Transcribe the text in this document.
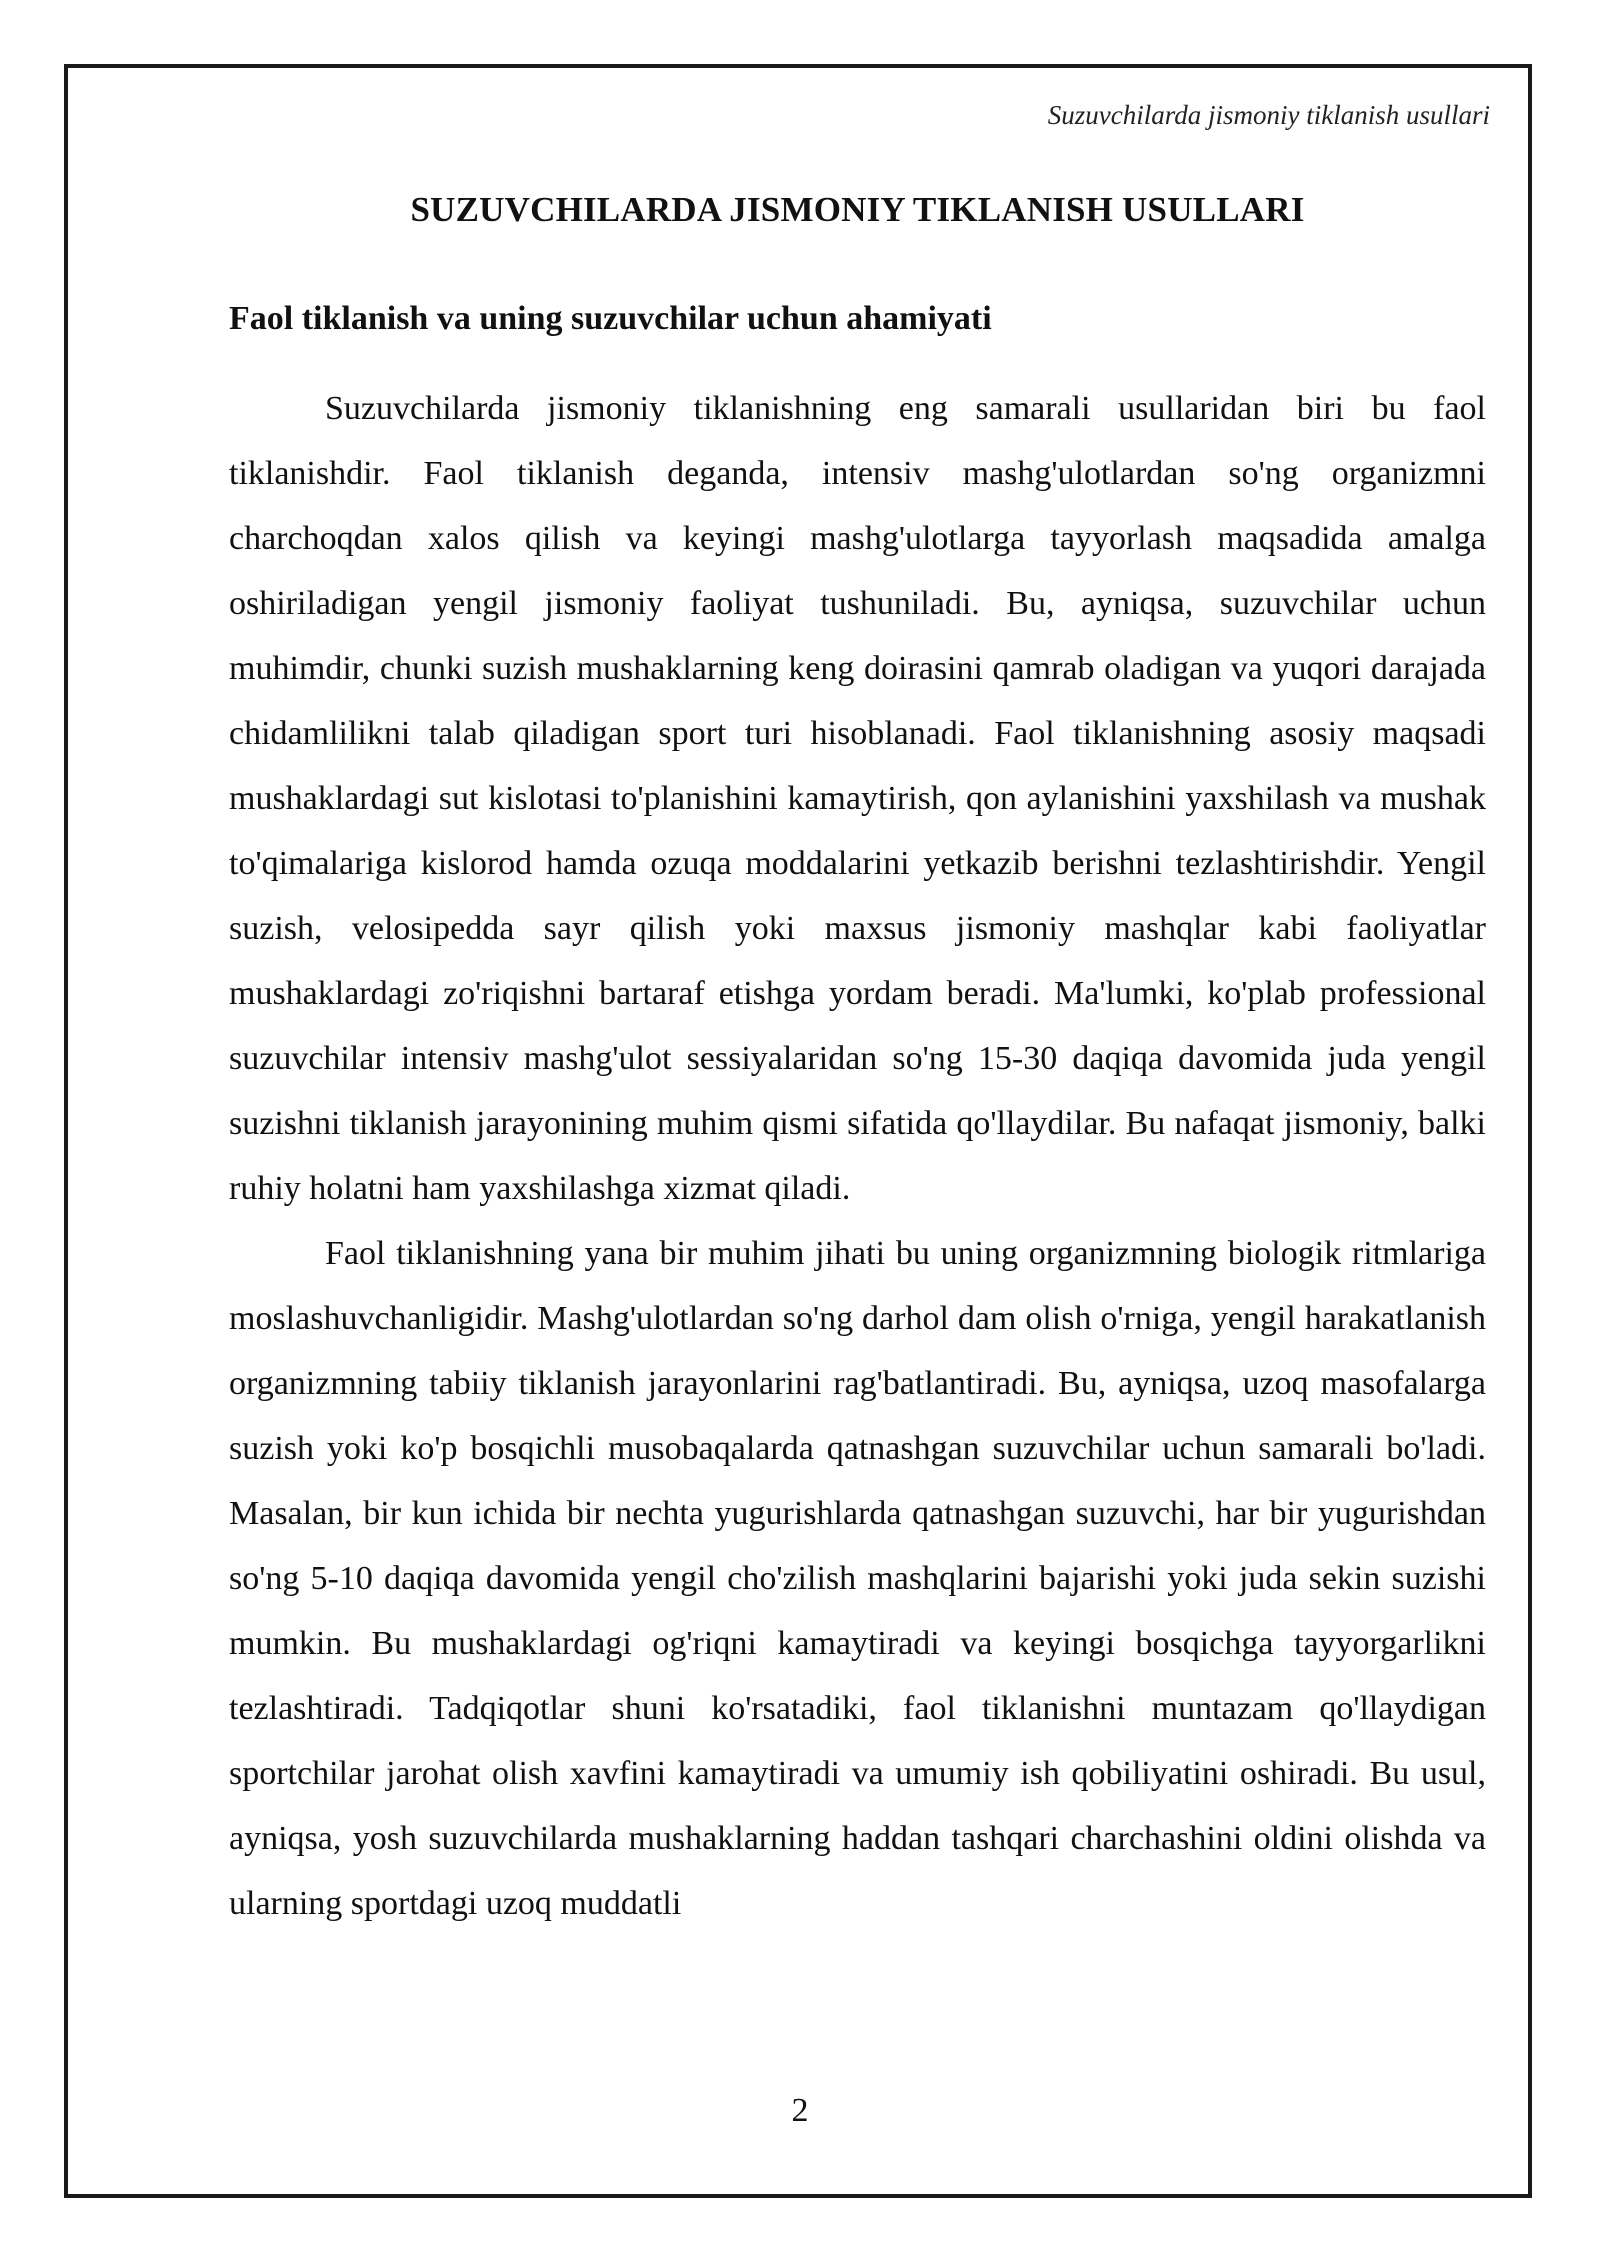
Suzuvchilarda jismoniy tiklanish usullari
SUZUVCHILARDA JISMONIY TIKLANISH USULLARI
Faol tiklanish va uning suzuvchilar uchun ahamiyati

Suzuvchilarda jismoniy tiklanishning eng samarali usullaridan biri bu faol tiklanishdir. Faol tiklanish deganda, intensiv mashg'ulotlardan so'ng organizmni charchoqdan xalos qilish va keyingi mashg'ulotlarga tayyorlash maqsadida amalga oshiriladigan yengil jismoniy faoliyat tushuniladi. Bu, ayniqsa, suzuvchilar uchun muhimdir, chunki suzish mushaklarning keng doirasini qamrab oladigan va yuqori darajada chidamlilikni talab qiladigan sport turi hisoblanadi. Faol tiklanishning asosiy maqsadi mushaklardagi sut kislotasi to'planishini kamaytirish, qon aylanishini yaxshilash va mushak to'qimalariga kislorod hamda ozuqa moddalarini yetkazib berishni tezlashtirishdir. Yengil suzish, velosipedda sayr qilish yoki maxsus jismoniy mashqlar kabi faoliyatlar mushaklardagi zo'riqishni bartaraf etishga yordam beradi. Ma'lumki, ko'plab professional suzuvchilar intensiv mashg'ulot sessiyalaridan so'ng 15-30 daqiqa davomida juda yengil suzishni tiklanish jarayonining muhim qismi sifatida qo'llaydilar. Bu nafaqat jismoniy, balki ruhiy holatni ham yaxshilashga xizmat qiladi.

Faol tiklanishning yana bir muhim jihati bu uning organizmning biologik ritmlariga moslashuvchanligidir. Mashg'ulotlardan so'ng darhol dam olish o'rniga, yengil harakatlanish organizmning tabiiy tiklanish jarayonlarini rag'batlantiradi. Bu, ayniqsa, uzoq masofalarga suzish yoki ko'p bosqichli musobaqalarda qatnashgan suzuvchilar uchun samarali bo'ladi. Masalan, bir kun ichida bir nechta yugurishlarda qatnashgan suzuvchi, har bir yugurishdan so'ng 5-10 daqiqa davomida yengil cho'zilish mashqlarini bajarishi yoki juda sekin suzishi mumkin. Bu mushaklardagi og'riqni kamaytiradi va keyingi bosqichga tayyorgarlikni tezlashtiradi. Tadqiqotlar shuni ko'rsatadiki, faol tiklanishni muntazam qo'llaydigan sportchilar jarohat olish xavfini kamaytiradi va umumiy ish qobiliyatini oshiradi. Bu usul, ayniqsa, yosh suzuvchilarda mushaklarning haddan tashqari charchashini oldini olishda va ularning sportdagi uzoq muddatli

2
